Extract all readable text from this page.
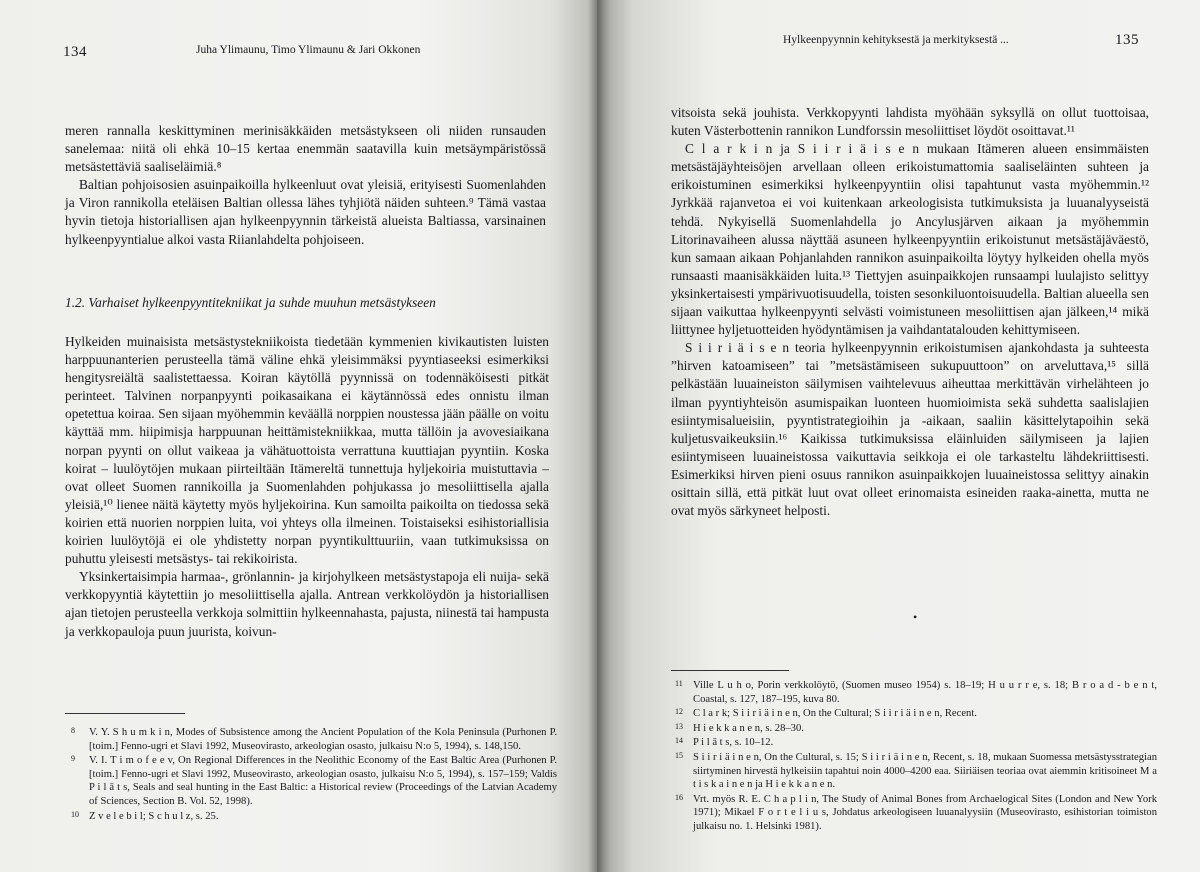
134	Juha Ylimaunu, Timo Ylimaunu & Jari Okkonen

meren rannalla keskittyminen merinisäkkäiden metsästykseen oli niiden runsauden sanelemaa: niitä oli ehkä 10–15 kertaa enemmän saatavilla kuin metsäympäristössä metsästettäviä saaliseläimiä.⁸

Baltian pohjoisosien asuinpaikoilla hylkeenluut ovat yleisiä, erityisesti Suomenlahden ja Viron rannikolla eteläisen Baltian ollessa lähes tyhjiötä näiden suhteen.⁹ Tämä vastaa hyvin tietoja historiallisen ajan hylkeenpyynnin tärkeistä alueista Baltiassa, varsinainen hylkeenpyyntialue alkoi vasta Riianlahdelta pohjoiseen.

1.2. Varhaiset hylkeenpyyntitekniikat ja suhde muuhun metsästykseen

Hylkeiden muinaisista metsästystekniikoista tiedetään kymmenien kivikautisten luisten harppuunanterien perusteella tämä väline ehkä yleisimmäksi pyyntiaseeksi esimerkiksi hengitysreiältä saalistettaessa. Koiran käytöllä pyynnissä on todennäköisesti pitkät perinteet. Talvinen norpanpyynti poikasaikana ei käytännössä edes onnistu ilman opetettua koiraa. Sen sijaan myöhemmin keväällä norppien noustessa jään päälle on voitu käyttää mm. hiipimisja harppuunan heittämistekniikkaa, mutta tällöin ja avovesiaikana norpan pyynti on ollut vaikeaa ja vähätuottoista verrattuna kuuttiajan pyyntiin. Koska koirat – luulöytöjen mukaan piirteiltään Itämereltä tunnettuja hyljekoiria muistuttavia – ovat olleet Suomen rannikoilla ja Suomenlahden pohjukassa jo mesoliittisella ajalla yleisiä,¹⁰ lienee näitä käytetty myös hyljekoirina. Kun samoilta paikoilta on tiedossa sekä koirien että nuorien norppien luita, voi yhteys olla ilmeinen. Toistaiseksi esihistoriallisia koirien luulöytöjä ei ole yhdistetty norpan pyyntikulttuuriin, vaan tutkimuksissa on puhuttu yleisesti metsästys- tai rekikoirista.

Yksinkertaisimpia harmaa-, grönlannin- ja kirjohylkeen metsästystapoja eli nuija- sekä verkkopyyntiä käytettiin jo mesoliittisella ajalla. Antrean verkkolöydön ja historiallisen ajan tietojen perusteella verkkoja solmittiin hylkeennahasta, pajusta, niinestä tai hampusta ja verkkopauloja puun juurista, koivun-

8 V. Y. S h u m k i n, Modes of Subsistence among the Ancient Population of the Kola Peninsula (Purhonen P. [toim.] Fenno-ugri et Slavi 1992, Museovirasto, arkeologian osasto, julkaisu N:o 5, 1994), s. 148,150.
9 V. I. T i m o f e e v, On Regional Differences in the Neolithic Economy of the East Baltic Area (Purhonen P. [toim.] Fenno-ugri et Slavi 1992, Museovirasto, arkeologian osasto, julkaisu N:o 5, 1994), s. 157–159; Valdis P i l ā t s, Seals and seal hunting in the East Baltic: a Historical review (Proceedings of the Latvian Academy of Sciences, Section B. Vol. 52, 1998).
10 Z v e l e b i l; S c h u l z, s. 25.
Hylkeenpyynnin kehityksestä ja merkityksestä ...	135

vitsoista sekä jouhista. Verkkopyynti lahdista myöhään syksyllä on ollut tuottoisaa, kuten Västerbottenin rannikon Lundforssin mesoliittiset löydöt osoittavat.¹¹

C l a r k i n ja S i i r i ä i s e n mukaan Itämeren alueen ensimmäisten metsästäjäyhteisöjen arvellaan olleen erikoistumattomia saaliseläinten suhteen ja erikoistuminen esimerkiksi hylkeenpyyntiin olisi tapahtunut vasta myöhemmin.¹² Jyrkkää rajanvetoa ei voi kuitenkaan arkeologisista tutkimuksista ja luuanalyyseistä tehdä. Nykyisellä Suomenlahdella jo Ancylusjärven aikaan ja myöhemmin Litorinavaiheen alussa näyttää asuneen hylkeenpyyntiin erikoistunut metsästäjäväestö, kun samaan aikaan Pohjanlahden rannikon asuinpaikoilta löytyy hylkeiden ohella myös runsaasti maanisäkkäiden luita.¹³ Tiettyjen asuinpaikkojen runsaampi luulajisto selittyy yksinkertaisesti ympärivuotisuudella, toisten sesonkiluontoisuudella. Baltian alueella sen sijaan vaikuttaa hylkeenpyynti selvästi voimistuneen mesoliittisen ajan jälkeen,¹⁴ mikä liittynee hyljetuotteiden hyödyntämisen ja vaihdantatalouden kehittymiseen.

S i i r i ä i s e n teoria hylkeenpyynnin erikoistumisen ajankohdasta ja suhteesta ”hirven katoamiseen” tai ”metsästämiseen sukupuuttoon” on arveluttava,¹⁵ sillä pelkästään luuaineiston säilymisen vaihtelevuus aiheuttaa merkittävän virhelähteen jo ilman pyyntiyhteisön asumispaikan luonteen huomioimista sekä suhdetta saalislajien esiintymisalueisiin, pyyntistrategioihin ja -aikaan, saaliin käsittelytapoihin sekä kuljetusvaikeuksiin.¹⁶ Kaikissa tutkimuksissa eläinluiden säilymiseen ja lajien esiintymiseen luuaineistossa vaikuttavia seikkoja ei ole tarkasteltu lähdekriittisesti. Esimerkiksi hirven pieni osuus rannikon asuinpaikkojen luuaineistossa selittyy ainakin osittain sillä, että pitkät luut ovat olleet erinomaista esineiden raaka-ainetta, mutta ne ovat myös särkyneet helposti.

•
11 Ville L u h o, Porin verkkolöytö, (Suomen museo 1954) s. 18–19; H u u r r e, s. 18; B r o a d - b e n t, Coastal, s. 127, 187–195, kuva 80.
12 C l a r k; S i i r i ä i n e n, On the Cultural; S i i r i ä i n e n, Recent.
13 H i e k k a n e n, s. 28–30.
14 P i l ā t s, s. 10–12.
15 S i i r i ä i n e n, On the Cultural, s. 15; S i i r i ä i n e n, Recent, s. 18, mukaan Suomessa metsästysstrategian siirtyminen hirvestä hylkeisiin tapahtui noin 4000–4200 eaa. Siiriäisen teoriaa ovat aiemmin kritisoineet M a t i s k a i n e n ja H i e k k a n e n.
16 Vrt. myös R. E. C h a p l i n, The Study of Animal Bones from Archaelogical Sites (London and New York 1971); Mikael F o r t e l i u s, Johdatus arkeologiseen luuanalyysiin (Museovirasto, esihistorian toimiston julkaisu no. 1. Helsinki 1981).
